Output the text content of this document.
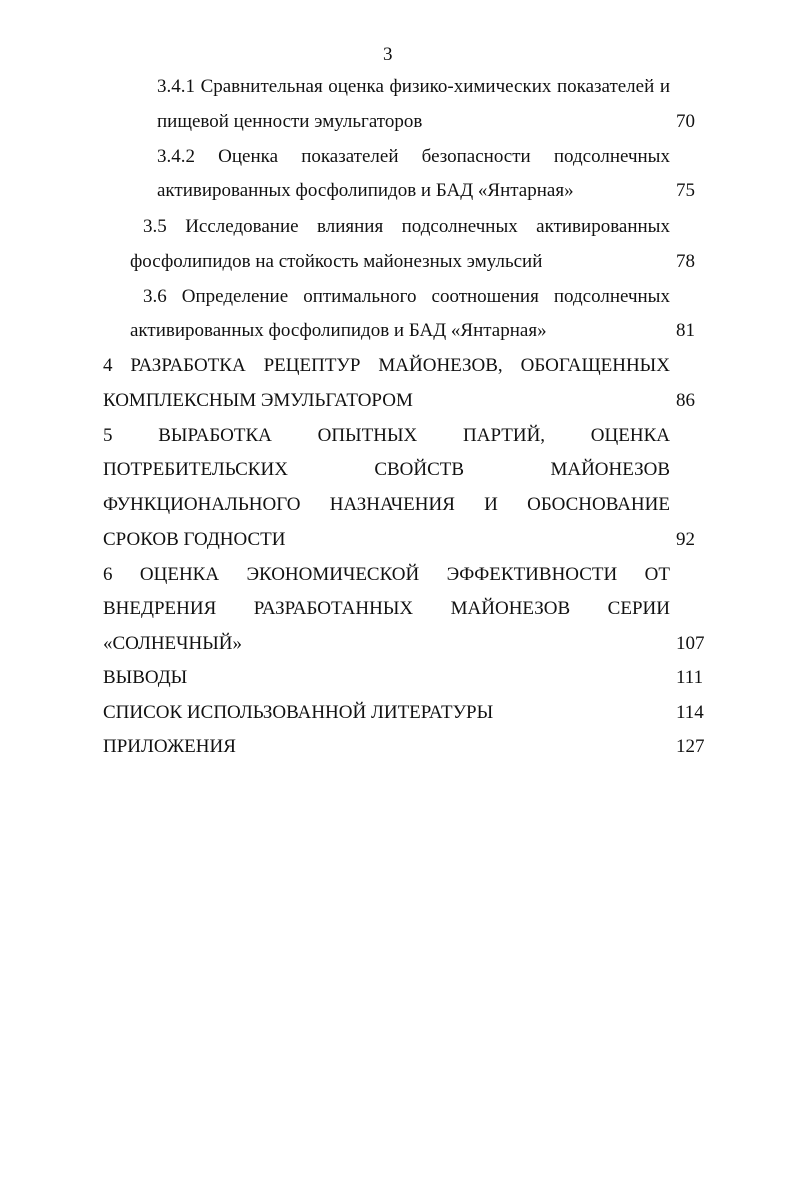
3
3.4.1 Сравнительная оценка физико-химических показателей и
пищевой ценности эмульгаторов	70
3.4.2 Оценка показателей безопасности подсолнечных
активированных фосфолипидов и БАД «Янтарная»	75
3.5 Исследование влияния подсолнечных активированных
фосфолипидов на стойкость майонезных эмульсий	78
3.6 Определение оптимального соотношения подсолнечных
активированных фосфолипидов и БАД «Янтарная»	81
4 РАЗРАБОТКА РЕЦЕПТУР МАЙОНЕЗОВ, ОБОГАЩЕННЫХ
КОМПЛЕКСНЫМ ЭМУЛЬГАТОРОМ	86
5 ВЫРАБОТКА ОПЫТНЫХ ПАРТИЙ, ОЦЕНКА
ПОТРЕБИТЕЛЬСКИХ	СВОЙСТВ	МАЙОНЕЗОВ
ФУНКЦИОНАЛЬНОГО НАЗНАЧЕНИЯ И ОБОСНОВАНИЕ
СРОКОВ ГОДНОСТИ	92
6 ОЦЕНКА ЭКОНОМИЧЕСКОЙ ЭФФЕКТИВНОСТИ ОТ
ВНЕДРЕНИЯ РАЗРАБОТАННЫХ МАЙОНЕЗОВ СЕРИИ
«СОЛНЕЧНЫЙ»	107
ВЫВОДЫ	111
СПИСОК ИСПОЛЬЗОВАННОЙ ЛИТЕРАТУРЫ	114
ПРИЛОЖЕНИЯ	127
